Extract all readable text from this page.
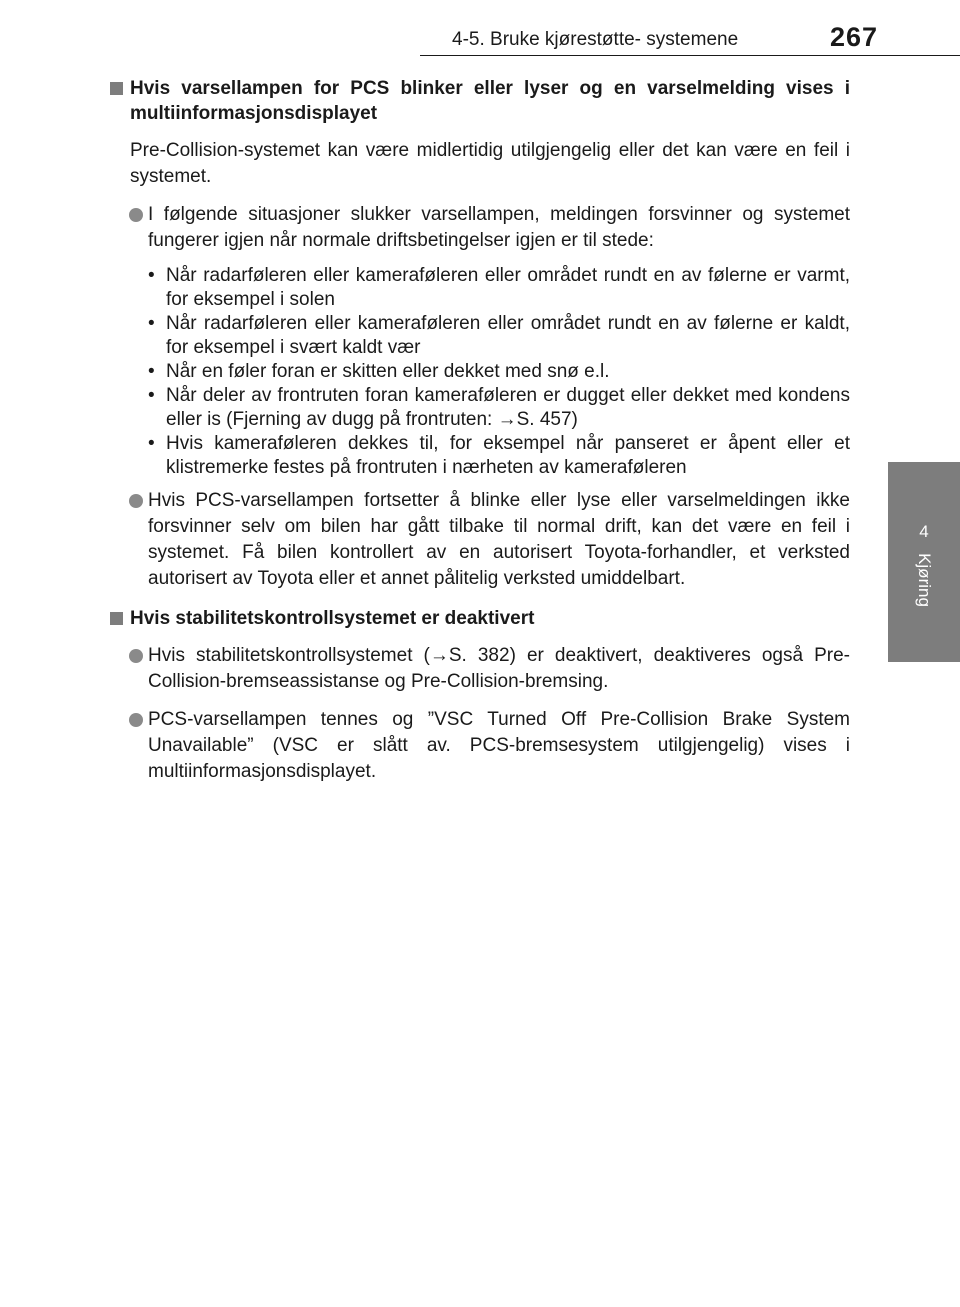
4-5. Bruke kjørestøtte- systemene	267
4
Kjøring

Hvis varsellampen for PCS blinker eller lyser og en varselmelding vises i multiinformasjonsdisplayet

Pre-Collision-systemet kan være midlertidig utilgjengelig eller det kan være en feil i systemet.

I følgende situasjoner slukker varsellampen, meldingen forsvinner og systemet fungerer igjen når normale driftsbetingelser igjen er til stede:
• Når radarføleren eller kameraføleren eller området rundt en av følerne er varmt, for eksempel i solen
• Når radarføleren eller kameraføleren eller området rundt en av følerne er kaldt, for eksempel i svært kaldt vær
• Når en føler foran er skitten eller dekket med snø e.l.
• Når deler av frontruten foran kameraføleren er dugget eller dekket med kondens eller is (Fjerning av dugg på frontruten: →S. 457)
• Hvis kameraføleren dekkes til, for eksempel når panseret er åpent eller et klistremerke festes på frontruten i nærheten av kameraføleren
Hvis PCS-varsellampen fortsetter å blinke eller lyse eller varselmeldingen ikke forsvinner selv om bilen har gått tilbake til normal drift, kan det være en feil i systemet. Få bilen kontrollert av en autorisert Toyota-forhandler, et verksted autorisert av Toyota eller et annet pålitelig verksted umiddelbart.

Hvis stabilitetskontrollsystemet er deaktivert

Hvis stabilitetskontrollsystemet (→S. 382) er deaktivert, deaktiveres også Pre-Collision-bremseassistanse og Pre-Collision-bremsing.
PCS-varsellampen tennes og ”VSC Turned Off Pre-Collision Brake System Unavailable” (VSC er slått av. PCS-bremsesystem utilgjengelig) vises i multiinformasjonsdisplayet.
